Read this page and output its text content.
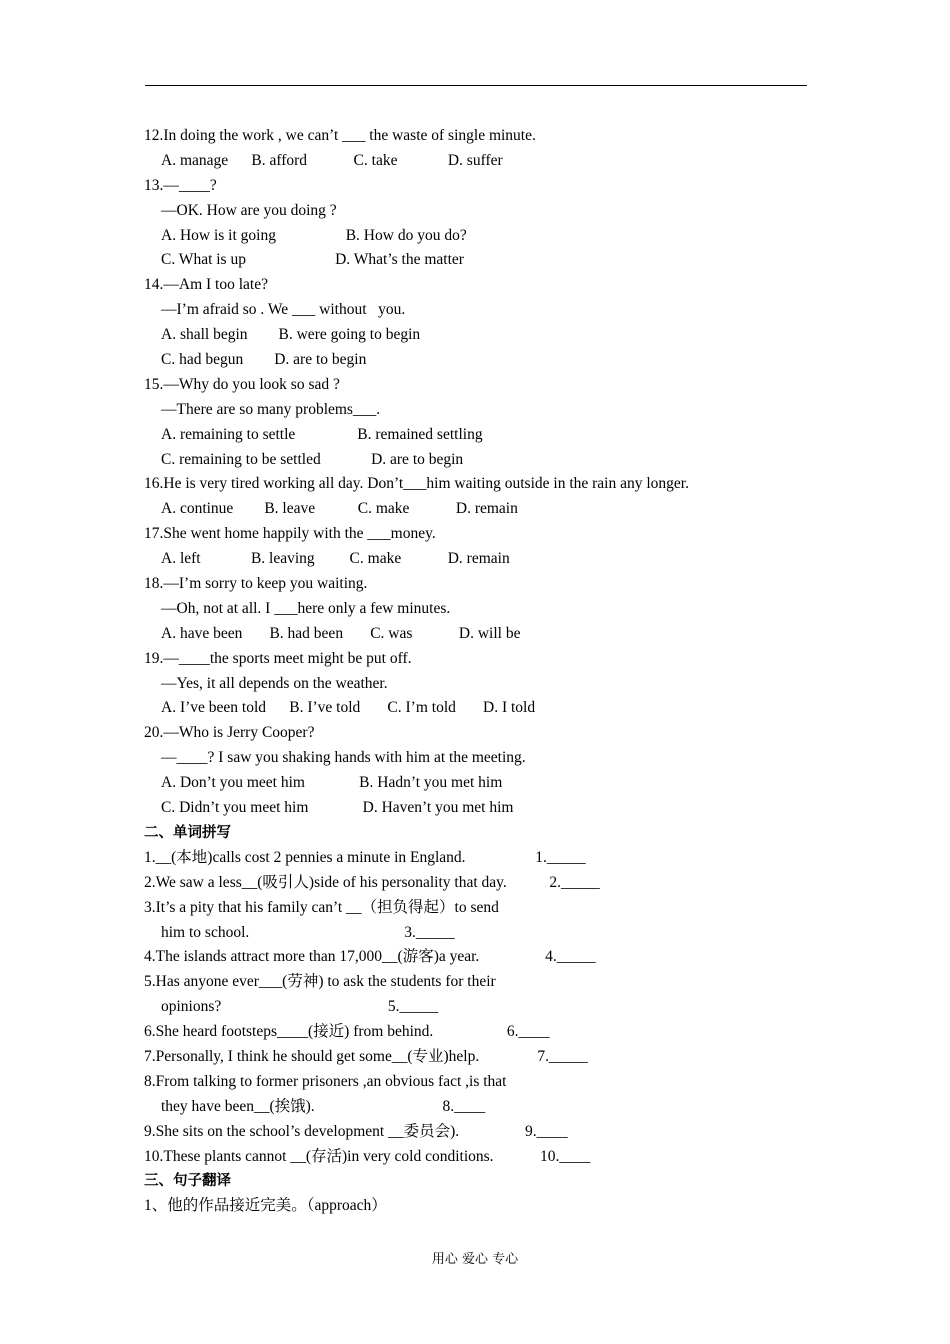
12.In doing the work , we can’t ___ the waste of single minute.
A. manage      B. afford            C. take             D. suffer
13.—____?
—OK. How are you doing ?
A. How is it going                  B. How do you do?
C. What is up                       D. What’s the matter
14.—Am I too late?
—I’m afraid so . We ___ without   you.
A. shall begin        B. were going to begin
C. had begun        D. are to begin
15.—Why do you look so sad ?
—There are so many problems___.
A. remaining to settle                B. remained settling
C. remaining to be settled             D. are to begin
16.He is very tired working all day. Don’t___him waiting outside in the rain any longer.
A. continue        B. leave           C. make            D. remain
17.She went home happily with the ___money.
A. left             B. leaving         C. make            D. remain
18.—I’m sorry to keep you waiting.
—Oh, not at all. I ___here only a few minutes.
A. have been       B. had been       C. was            D. will be
19.—____the sports meet might be put off.
—Yes, it all depends on the weather.
A. I’ve been told      B. I’ve told       C. I’m told       D. I told
20.—Who is Jerry Cooper?
—____? I saw you shaking hands with him at the meeting.
A. Don’t you meet him              B. Hadn’t you met him
C. Didn’t you meet him              D. Haven’t you met him
二、单词拼写
1.__(本地)calls cost 2 pennies a minute in England.                  1._____
2.We saw a less__(吸引人)side of his personality that day.           2._____
3.It’s a pity that his family can’t __（担负得起）to send
him to school.                                        3._____
4.The islands attract more than 17,000__(游客)a year.                 4._____
5.Has anyone ever___(劳神) to ask the students for their
opinions?                                           5._____
6.She heard footsteps____(接近) from behind.                   6.____
7.Personally, I think he should get some__(专业)help.               7._____
8.From talking to former prisoners ,an obvious fact ,is that
they have been__(挨饿).                                 8.____
9.She sits on the school’s development __委员会).                 9.____
10.These plants cannot __(存活)in very cold conditions.            10.____
三、句子翻译
1、他的作品接近完美。（approach）
用心 爱心 专心
